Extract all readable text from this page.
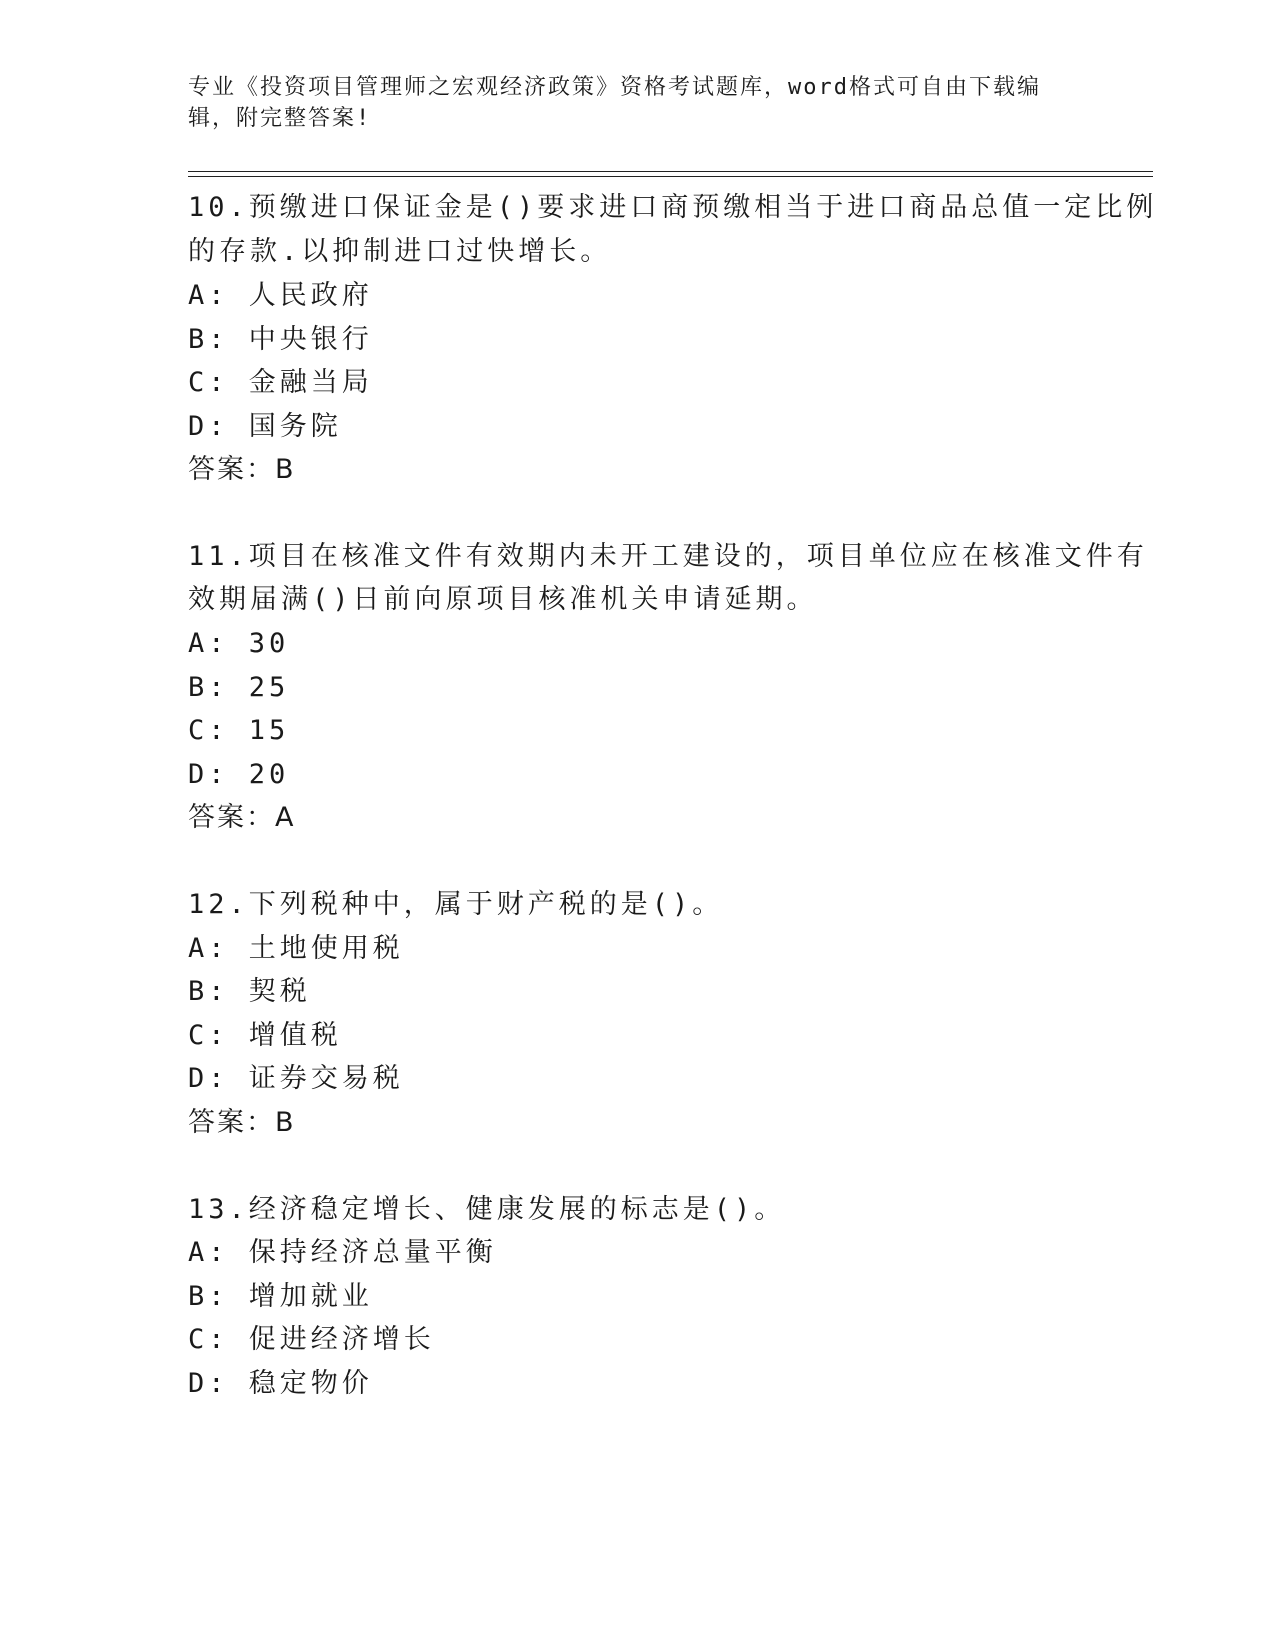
专业《投资项目管理师之宏观经济政策》资格考试题库，word格式可自由下载编
辑，附完整答案!
10.预缴进口保证金是()要求进口商预缴相当于进口商品总值一定比例
的存款.以抑制进口过快增长。
A: 人民政府
B: 中央银行
C: 金融当局
D: 国务院
答案：B
11.项目在核准文件有效期内未开工建设的，项目单位应在核准文件有
效期届满()日前向原项目核准机关申请延期。
A: 30
B: 25
C: 15
D: 20
答案：A
12.下列税种中，属于财产税的是()。
A: 土地使用税
B: 契税
C: 增值税
D: 证券交易税
答案：B
13.经济稳定增长、健康发展的标志是()。
A: 保持经济总量平衡
B: 增加就业
C: 促进经济增长
D: 稳定物价
